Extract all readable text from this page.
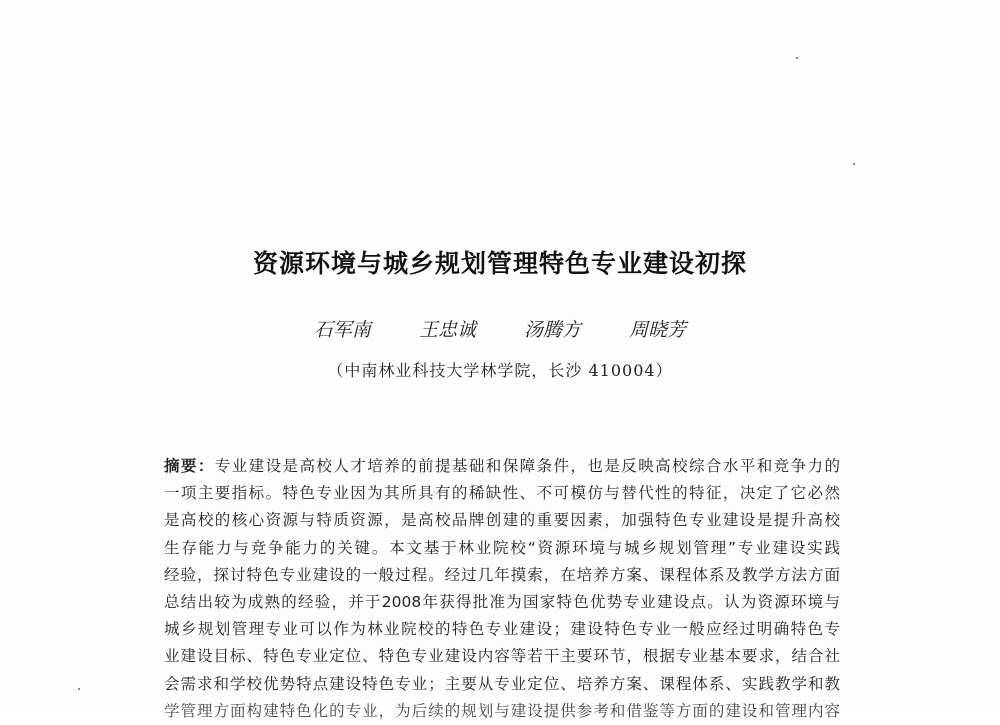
资源环境与城乡规划管理特色专业建设初探
石军南	王忠诚	汤腾方	周晓芳
（中南林业科技大学林学院，长沙 410004）
摘要：专业建设是高校人才培养的前提基础和保障条件，也是反映高校综合水平和竞争力的
一项主要指标。特色专业因为其所具有的稀缺性、不可模仿与替代性的特征，决定了它必然
是高校的核心资源与特质资源，是高校品牌创建的重要因素，加强特色专业建设是提升高校
生存能力与竞争能力的关键。本文基于林业院校“资源环境与城乡规划管理”专业建设实践
经验，探讨特色专业建设的一般过程。经过几年摸索，在培养方案、课程体系及教学方法方面
总结出较为成熟的经验，并于2008年获得批准为国家特色优势专业建设点。认为资源环境与
城乡规划管理专业可以作为林业院校的特色专业建设；建设特色专业一般应经过明确特色专
业建设目标、特色专业定位、特色专业建设内容等若干主要环节，根据专业基本要求，结合社
会需求和学校优势特点建设特色专业；主要从专业定位、培养方案、课程体系、实践教学和教
学管理方面构建特色化的专业，为后续的规划与建设提供参考和借鉴等方面的建设和管理内容
